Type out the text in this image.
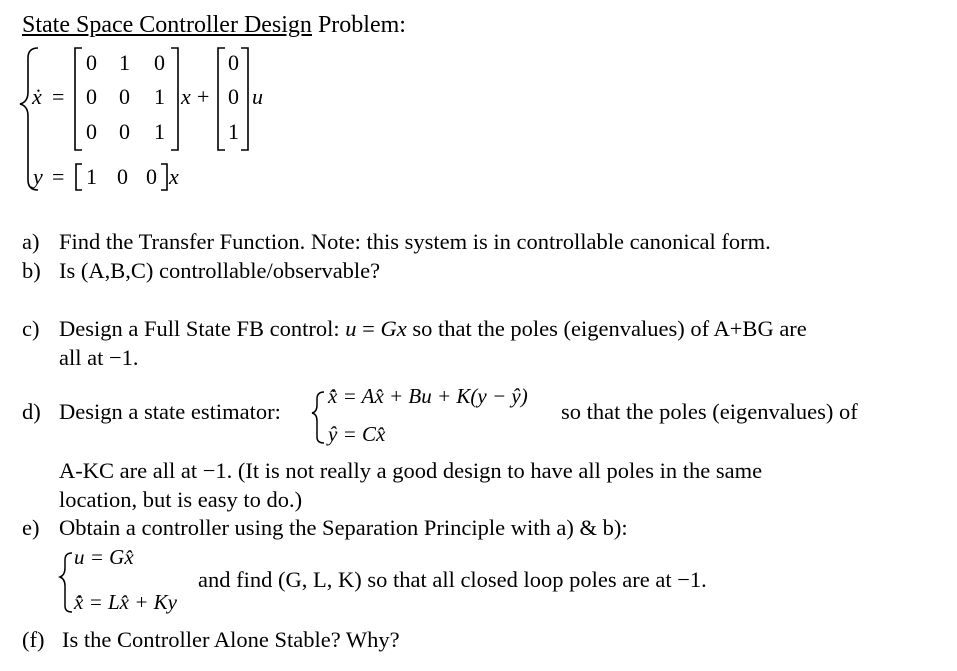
State Space Controller Design Problem:
ẋ =
0 1 0
0 0 1
0 0 1
x +
0
0
1
u
y = 1 0 0 x
a) Find the Transfer Function. Note: this system is in controllable canonical form.
b) Is (A,B,C) controllable/observable?
c) Design a Full State FB control: u = Gx so that the poles (eigenvalues) of A+BG are
all at −1.
d) Design a state estimator:
x̂̇ = Ax̂ + Bu + K(y − ŷ)
ŷ = Cx̂
so that the poles (eigenvalues) of
A-KC are all at −1. (It is not really a good design to have all poles in the same
location, but is easy to do.)
e) Obtain a controller using the Separation Principle with a) & b):
u = Gx̂
x̂̇ = Lx̂ + Ky
and find (G, L, K) so that all closed loop poles are at −1.
(f) Is the Controller Alone Stable? Why?
